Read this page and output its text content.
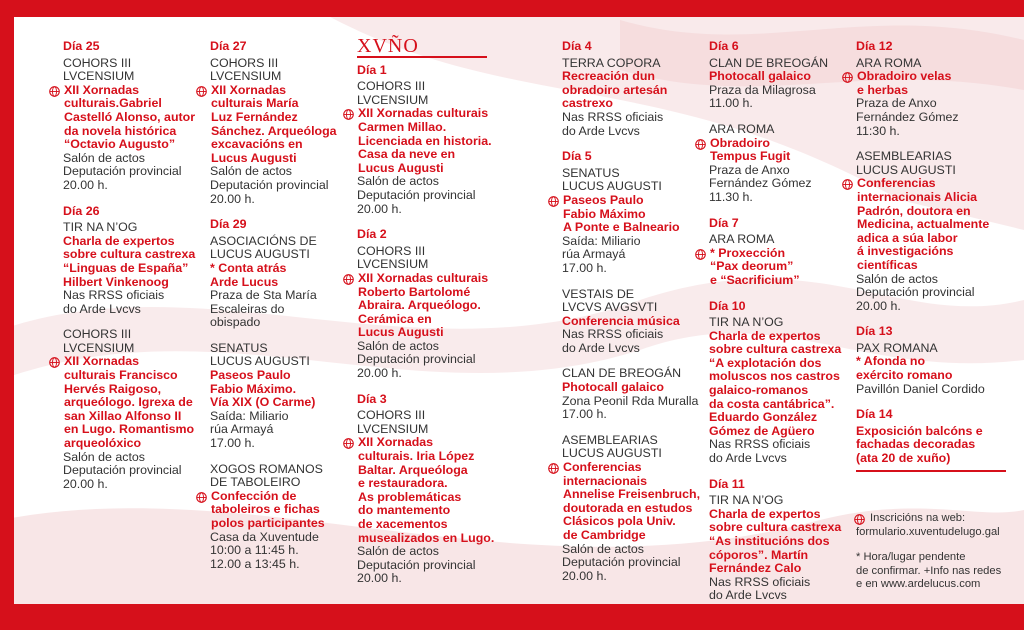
Día 25
COHORS III
LVCENSIUM
XII Xornadas
culturais.Gabriel
Castelló Alonso, autor
da novela histórica
“Octavio Augusto”
Salón de actos
Deputación provincial
20.00 h.
Día 26
TIR NA N’OG
Charla de expertos
sobre cultura castrexa
“Linguas de España”
Hilbert Vinkenoog
Nas RRSS oficiais
do Arde Lvcvs
COHORS III
LVCENSIUM
XII Xornadas
culturais Francisco
Hervés Raigoso,
arqueólogo. Igrexa de
san Xillao Alfonso II
en Lugo. Romantismo
arqueolóxico
Salón de actos
Deputación provincial
20.00 h.
Día 27
COHORS III
LVCENSIUM
XII Xornadas
culturais María
Luz Fernández
Sánchez. Arqueóloga
excavacións en
Lucus Augusti
Salón de actos
Deputación provincial
20.00 h.
Día 29
ASOCIACIÓNS DE
LUCUS AUGUSTI
* Conta atrás
Arde Lucus
Praza de Sta María
Escaleiras do
obispado
SENATUS
LUCUS AUGUSTI
Paseos Paulo
Fabio Máximo.
Vía XIX (O Carme)
Saída: Miliario
rúa Armayá
17.00 h.
XOGOS ROMANOS
DE TABOLEIRO
Confección de
taboleiros e fichas
polos participantes
Casa da Xuventude
10:00 a 11:45 h.
12.00 a 13:45 h.
XVÑO
Día 1
COHORS III
LVCENSIUM
XII Xornadas culturais
Carmen Millao.
Licenciada en historia.
Casa da neve en
Lucus Augusti
Salón de actos
Deputación provincial
20.00 h.
Día 2
COHORS III
LVCENSIUM
XII Xornadas culturais
Roberto Bartolomé
Abraira. Arqueólogo.
Cerámica en
Lucus Augusti
Salón de actos
Deputación provincial
20.00 h.
Día 3
COHORS III
LVCENSIUM
XII Xornadas
culturais. Iria López
Baltar. Arqueóloga
e restauradora.
As problemáticas
do mantemento
de xacementos
musealizados en Lugo.
Salón de actos
Deputación provincial
20.00 h.
Día 4
TERRA COPORA
Recreación dun
obradoiro artesán
castrexo
Nas RRSS oficiais
do Arde Lvcvs
Día 5
SENATUS
LUCUS AUGUSTI
Paseos Paulo
Fabio Máximo
A Ponte e Balneario
Saída: Miliario
rúa Armayá
17.00 h.
VESTAIS DE
LVCVS AVGSVTI
Conferencia música
Nas RRSS oficiais
do Arde Lvcvs
CLAN DE BREOGÁN
Photocall galaico
Zona Peonil Rda Muralla
17.00 h.
ASEMBLEARIAS
LUCUS AUGUSTI
Conferencias
internacionais
Annelise Freisenbruch,
doutorada en estudos
Clásicos pola Univ.
de Cambridge
Salón de actos
Deputación provincial
20.00 h.
Día 6
CLAN DE BREOGÁN
Photocall galaico
Praza da Milagrosa
11.00 h.
ARA ROMA
Obradoiro
Tempus Fugit
Praza de Anxo
Fernández Gómez
11.30 h.
Día 7
ARA ROMA
* Proxección
“Pax deorum”
e “Sacrificium”
Día 10
TIR NA N’OG
Charla de expertos
sobre cultura castrexa
“A explotación dos
moluscos nos castros
galaico-romanos
da costa cantábrica”.
Eduardo González
Gómez de Agüero
Nas RRSS oficiais
do Arde Lvcvs
Día 11
TIR NA N’OG
Charla de expertos
sobre cultura castrexa
“As institucións dos
cóporos”. Martín
Fernández Calo
Nas RRSS oficiais
do Arde Lvcvs
Día 12
ARA ROMA
Obradoiro velas
e herbas
Praza de Anxo
Fernández Gómez
11:30 h.
ASEMBLEARIAS
LUCUS AUGUSTI
Conferencias
internacionais Alicia
Padrón, doutora en
Medicina, actualmente
adica a súa labor
á investigacións
científicas
Salón de actos
Deputación provincial
20.00 h.
Día 13
PAX ROMANA
* Afonda no
exército romano
Pavillón Daniel Cordido
Día 14
Exposición balcóns e
fachadas decoradas
(ata 20 de xuño)
Inscricións na web:
formulario.xuventudelugo.gal
* Hora/lugar pendente
de confirmar. +Info nas redes
e en www.ardelucus.com
